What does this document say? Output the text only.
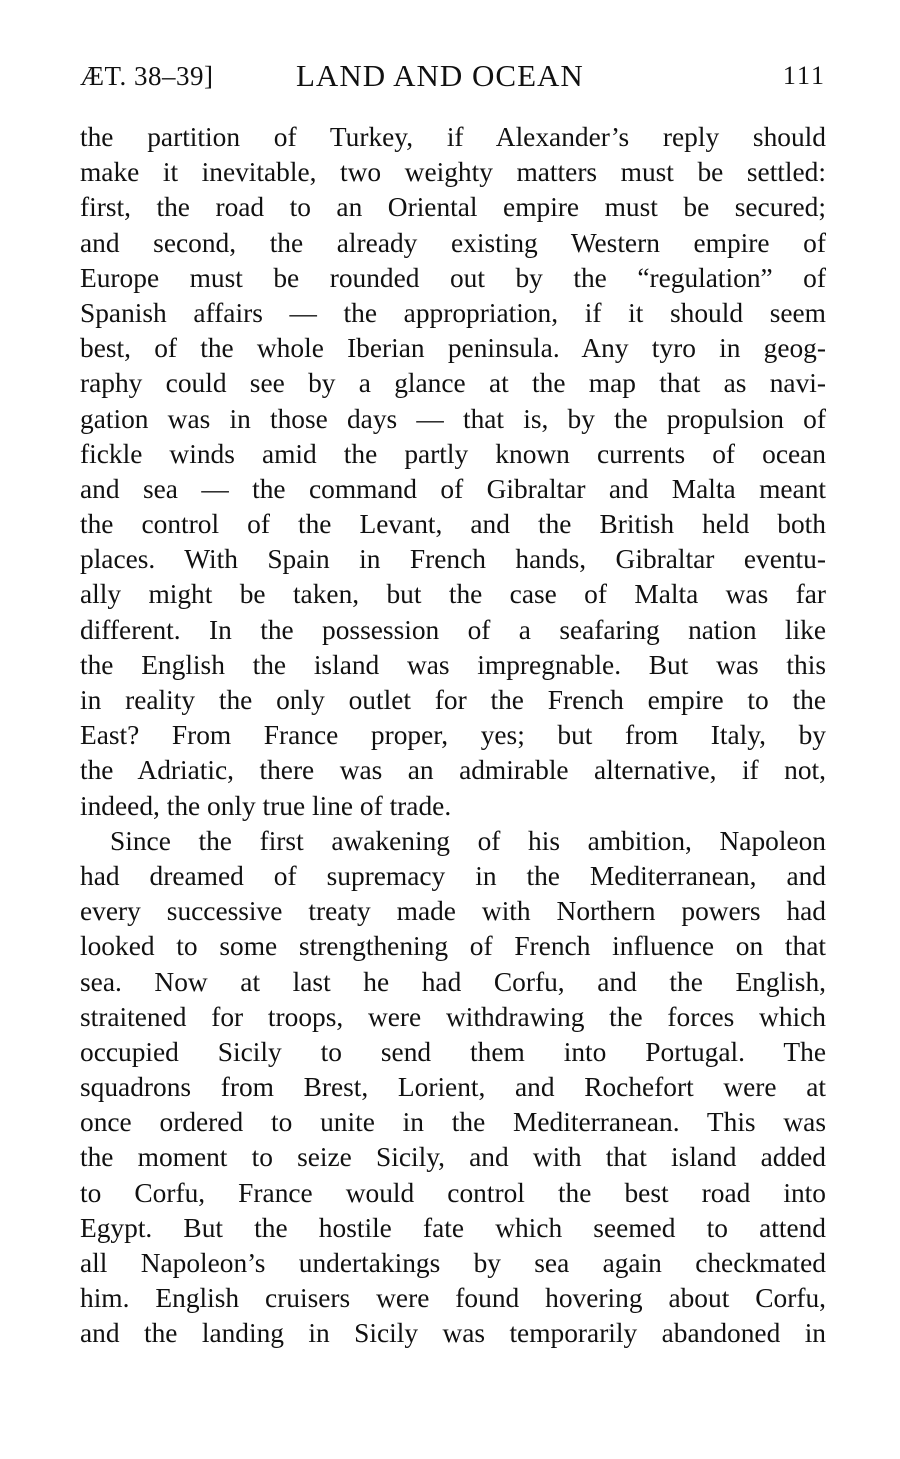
ÆT. 38–39]	LAND AND OCEAN	111
the partition of Turkey, if Alexander’s reply should
make it inevitable, two weighty matters must be settled:
first, the road to an Oriental empire must be secured;
and second, the already existing Western empire of
Europe must be rounded out by the “regulation” of
Spanish affairs — the appropriation, if it should seem
best, of the whole Iberian peninsula. Any tyro in geog-
raphy could see by a glance at the map that as navi-
gation was in those days — that is, by the propulsion of
fickle winds amid the partly known currents of ocean
and sea — the command of Gibraltar and Malta meant
the control of the Levant, and the British held both
places. With Spain in French hands, Gibraltar eventu-
ally might be taken, but the case of Malta was far
different. In the possession of a seafaring nation like
the English the island was impregnable. But was this
in reality the only outlet for the French empire to the
East? From France proper, yes; but from Italy, by
the Adriatic, there was an admirable alternative, if not,
indeed, the only true line of trade.
Since the first awakening of his ambition, Napoleon
had dreamed of supremacy in the Mediterranean, and
every successive treaty made with Northern powers had
looked to some strengthening of French influence on that
sea. Now at last he had Corfu, and the English,
straitened for troops, were withdrawing the forces which
occupied Sicily to send them into Portugal. The
squadrons from Brest, Lorient, and Rochefort were at
once ordered to unite in the Mediterranean. This was
the moment to seize Sicily, and with that island added
to Corfu, France would control the best road into
Egypt. But the hostile fate which seemed to attend
all Napoleon’s undertakings by sea again checkmated
him. English cruisers were found hovering about Corfu,
and the landing in Sicily was temporarily abandoned in
